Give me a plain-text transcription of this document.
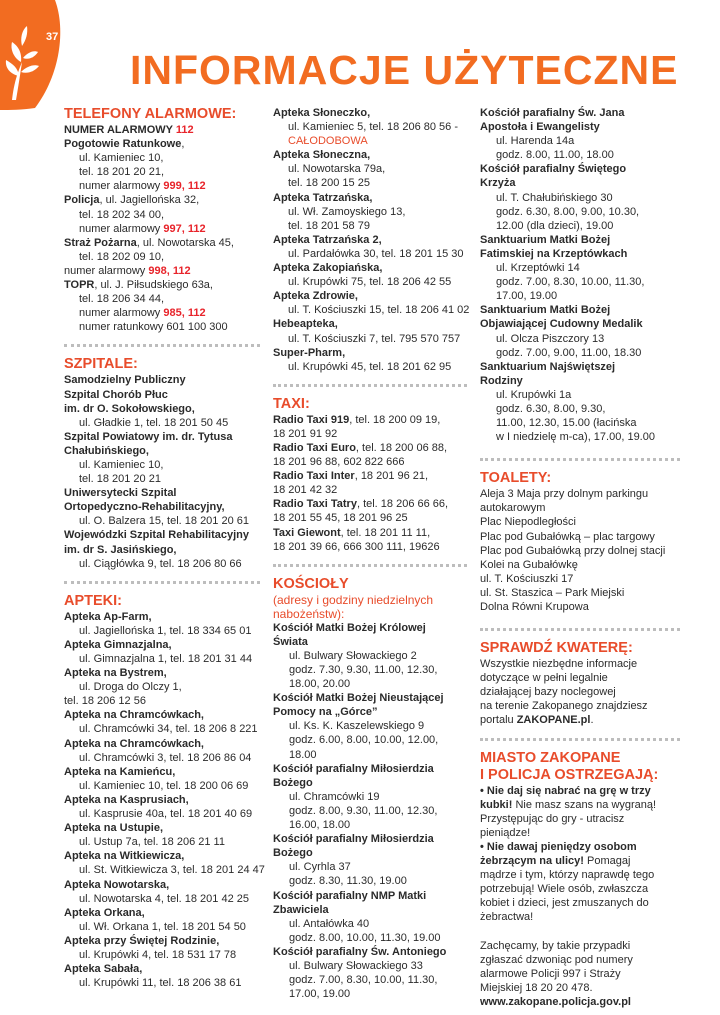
37
INFORMACJE UŻYTECZNE
TELEFONY ALARMOWE:
NUMER ALARMOWY 112
Pogotowie Ratunkowe,
ul. Kamieniec 10,
tel. 18 201 20 21,
numer alarmowy 999, 112
Policja, ul. Jagiellońska 32,
tel. 18 202 34 00,
numer alarmowy 997, 112
Straż Pożarna, ul. Nowotarska 45,
tel. 18 202 09 10,
numer alarmowy 998, 112
TOPR, ul. J. Piłsudskiego 63a,
tel. 18 206 34 44,
numer alarmowy 985, 112
numer ratunkowy 601 100 300
SZPITALE:
Samodzielny Publiczny
Szpital Chorób Płuc
im. dr O. Sokołowskiego,
ul. Gładkie 1, tel. 18 201 50 45
Szpital Powiatowy im. dr. Tytusa
Chałubińskiego,
ul. Kamieniec 10,
tel. 18 201 20 21
Uniwersytecki Szpital
Ortopedyczno-Rehabilitacyjny,
ul. O. Balzera 15, tel. 18 201 20 61
Wojewódzki Szpital Rehabilitacyjny
im. dr S. Jasińskiego,
ul. Ciągłówka 9, tel. 18 206 80 66
APTEKI:
Apteka Ap-Farm,
ul. Jagiellońska 1, tel. 18 334 65 01
Apteka Gimnazjalna,
ul. Gimnazjalna 1, tel. 18 201 31 44
Apteka na Bystrem,
ul. Droga do Olczy 1,
tel. 18 206 12 56
Apteka na Chramcówkach,
ul. Chramcówki 34, tel. 18 206 8 221
Apteka na Chramcówkach,
ul. Chramcówki 3, tel. 18 206 86 04
Apteka na Kamieńcu,
ul. Kamieniec 10, tel. 18 200 06 69
Apteka na Kasprusiach,
ul. Kasprusie 40a, tel. 18 201 40 69
Apteka na Ustupie,
ul. Ustup 7a, tel. 18 206 21 11
Apteka na Witkiewicza,
ul. St. Witkiewicza 3, tel. 18 201 24 47
Apteka Nowotarska,
ul. Nowotarska 4, tel. 18 201 42 25
Apteka Orkana,
ul. Wł. Orkana 1, tel. 18 201 54 50
Apteka przy Świętej Rodzinie,
ul. Krupówki 4, tel. 18 531 17 78
Apteka Sabała,
ul. Krupówki 11, tel. 18 206 38 61
Apteka Słoneczko,
ul. Kamieniec 5, tel. 18 206 80 56 -
CAŁODOBOWA
Apteka Słoneczna,
ul. Nowotarska 79a,
tel. 18 200 15 25
Apteka Tatrzańska,
ul. Wł. Zamoyskiego 13,
tel. 18 201 58 79
Apteka Tatrzańska 2,
ul. Pardałówka 30, tel. 18 201 15 30
Apteka Zakopiańska,
ul. Krupówki 75, tel. 18 206 42 55
Apteka Zdrowie,
ul. T. Kościuszki 15, tel. 18 206 41 02
Hebeapteka,
ul. T. Kościuszki 7, tel. 795 570 757
Super-Pharm,
ul. Krupówki 45, tel. 18 201 62 95
TAXI:
Radio Taxi 919, tel. 18 200 09 19,
18 201 91 92
Radio Taxi Euro, tel. 18 200 06 88,
18 201 96 88, 602 822 666
Radio Taxi Inter, 18 201 96 21,
18 201 42 32
Radio Taxi Tatry, tel. 18 206 66 66,
18 201 55 45, 18 201 96 25
Taxi Giewont, tel. 18 201 11 11,
18 201 39 66, 666 300 111, 19626
KOŚCIOŁY
(adresy i godziny niedzielnych
nabożeństw):
Kościół Matki Bożej Królowej
Świata
ul. Bulwary Słowackiego 2
godz. 7.30, 9.30, 11.00, 12.30,
18.00, 20.00
Kościół Matki Bożej Nieustającej
Pomocy na „Górce”
ul. Ks. K. Kaszelewskiego 9
godz. 6.00, 8.00, 10.00, 12.00,
18.00
Kościół parafialny Miłosierdzia
Bożego
ul. Chramcówki 19
godz. 8.00, 9.30, 11.00, 12.30,
16.00, 18.00
Kościół parafialny Miłosierdzia
Bożego
ul. Cyrhla 37
godz. 8.30, 11.30, 19.00
Kościół parafialny NMP Matki
Zbawiciela
ul. Antałówka 40
godz. 8.00, 10.00, 11.30, 19.00
Kościół parafialny Św. Antoniego
ul. Bulwary Słowackiego 33
godz. 7.00, 8.30, 10.00, 11.30,
17.00, 19.00
Kościół parafialny Św. Jana
Apostoła i Ewangelisty
ul. Harenda 14a
godz. 8.00, 11.00, 18.00
Kościół parafialny Świętego
Krzyża
ul. T. Chałubińskiego 30
godz. 6.30, 8.00, 9.00, 10.30,
12.00 (dla dzieci), 19.00
Sanktuarium Matki Bożej
Fatimskiej na Krzeptówkach
ul. Krzeptówki 14
godz. 7.00, 8.30, 10.00, 11.30,
17.00, 19.00
Sanktuarium Matki Bożej
Objawiającej Cudowny Medalik
ul. Olcza Piszczory 13
godz. 7.00, 9.00, 11.00, 18.30
Sanktuarium Najświętszej
Rodziny
ul. Krupówki 1a
godz. 6.30, 8.00, 9.30,
11.00, 12.30, 15.00 (łacińska
w I niedzielę m-ca), 17.00, 19.00
TOALETY:
Aleja 3 Maja przy dolnym parkingu
autokarowym
Plac Niepodległości
Plac pod Gubałówką – plac targowy
Plac pod Gubałówką przy dolnej stacji
Kolei na Gubałówkę
ul. T. Kościuszki 17
ul. St. Staszica – Park Miejski
Dolna Równi Krupowa
SPRAWDŹ KWATERĘ:
Wszystkie niezbędne informacje
dotyczące w pełni legalnie
działającej bazy noclegowej
na terenie Zakopanego znajdziesz
portalu ZAKOPANE.pl.
MIASTO ZAKOPANE
I POLICJA OSTRZEGAJĄ:
• Nie daj się nabrać na grę w trzy
kubki! Nie masz szans na wygraną!
Przystępując do gry - utracisz
pieniądze!
• Nie dawaj pieniędzy osobom
żebrzącym na ulicy! Pomagaj
mądrze i tym, którzy naprawdę tego
potrzebują! Wiele osób, zwłaszcza
kobiet i dzieci, jest zmuszanych do
żebractwa!
Zachęcamy, by takie przypadki
zgłaszać dzwoniąc pod numery
alarmowe Policji 997 i Straży
Miejskiej 18 20 20 478.
www.zakopane.policja.gov.pl
